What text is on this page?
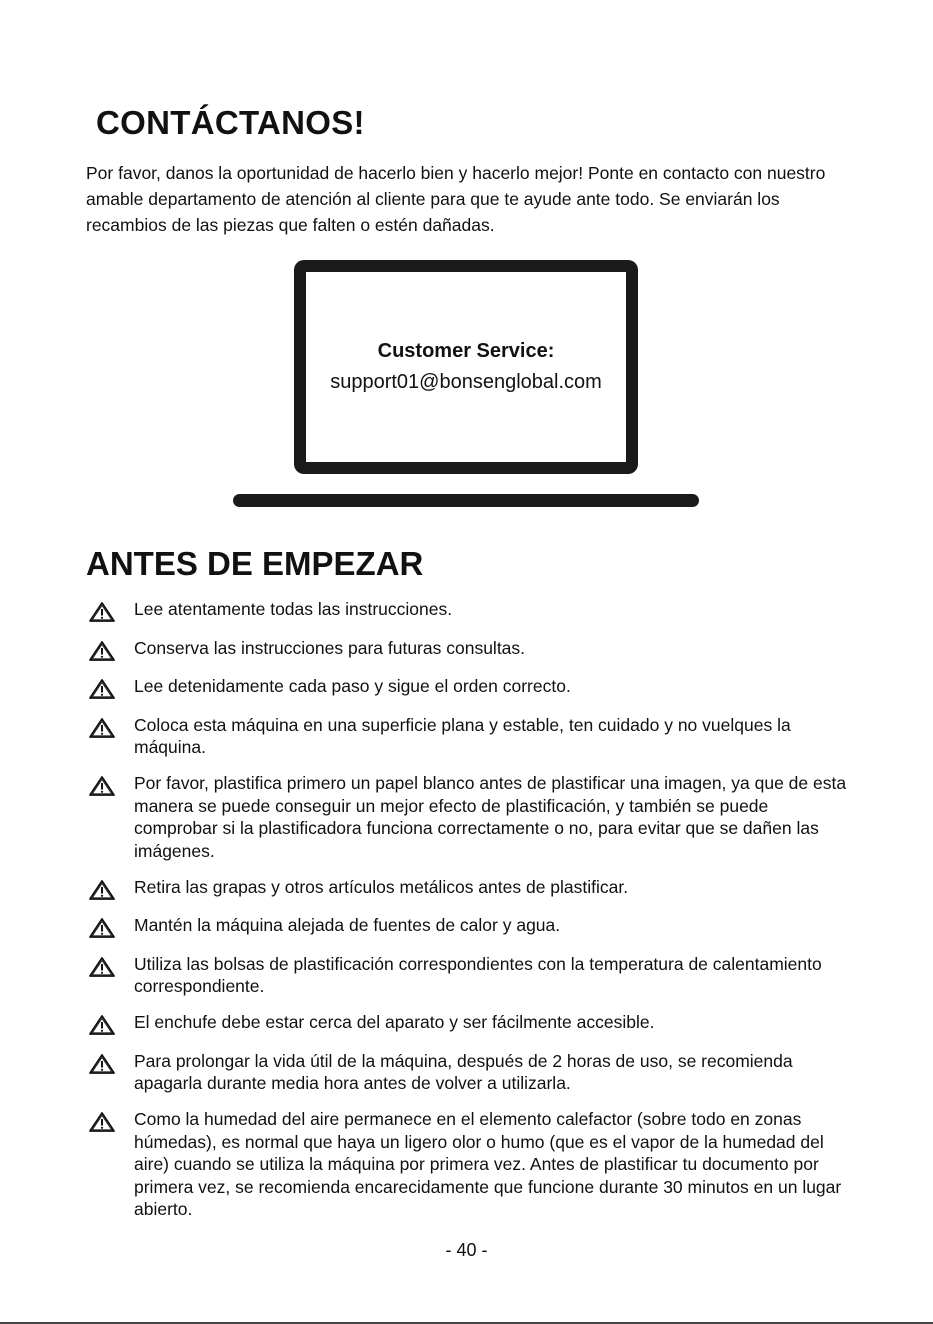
CONTÁCTANOS!

Por favor, danos la oportunidad de hacerlo bien y hacerlo mejor! Ponte en contacto con nuestro amable departamento de atención al cliente para que te ayude ante todo. Se enviarán los recambios de las piezas que falten o estén dañadas.

Customer Service:
support01@bonsenglobal.com
ANTES DE EMPEZAR
Lee atentamente todas las instrucciones.
Conserva las instrucciones para futuras consultas.
Lee detenidamente cada paso y sigue el orden correcto.
Coloca esta máquina en una superficie plana y estable, ten cuidado y no vuelques la máquina.
Por favor, plastifica primero un papel blanco antes de plastificar una imagen, ya que de esta manera se puede conseguir un mejor efecto de plastificación, y también se puede comprobar si la plastificadora funciona correctamente o no, para evitar que se dañen las imágenes.
Retira las grapas y otros artículos metálicos antes de plastificar.
Mantén la máquina alejada de fuentes de calor y agua.
Utiliza las bolsas de plastificación correspondientes con la temperatura de calentamiento correspondiente.
El enchufe debe estar cerca del aparato y ser fácilmente accesible.
Para prolongar la vida útil de la máquina, después de 2 horas de uso, se recomienda apagarla durante media hora antes de volver a utilizarla.
Como la humedad del aire permanece en el elemento calefactor (sobre todo en zonas húmedas), es normal que haya un ligero olor o humo (que es el vapor de la humedad del aire) cuando se utiliza la máquina por primera vez. Antes de plastificar tu documento por primera vez, se recomienda encarecidamente que funcione durante 30 minutos en un lugar abierto.
- 40 -
